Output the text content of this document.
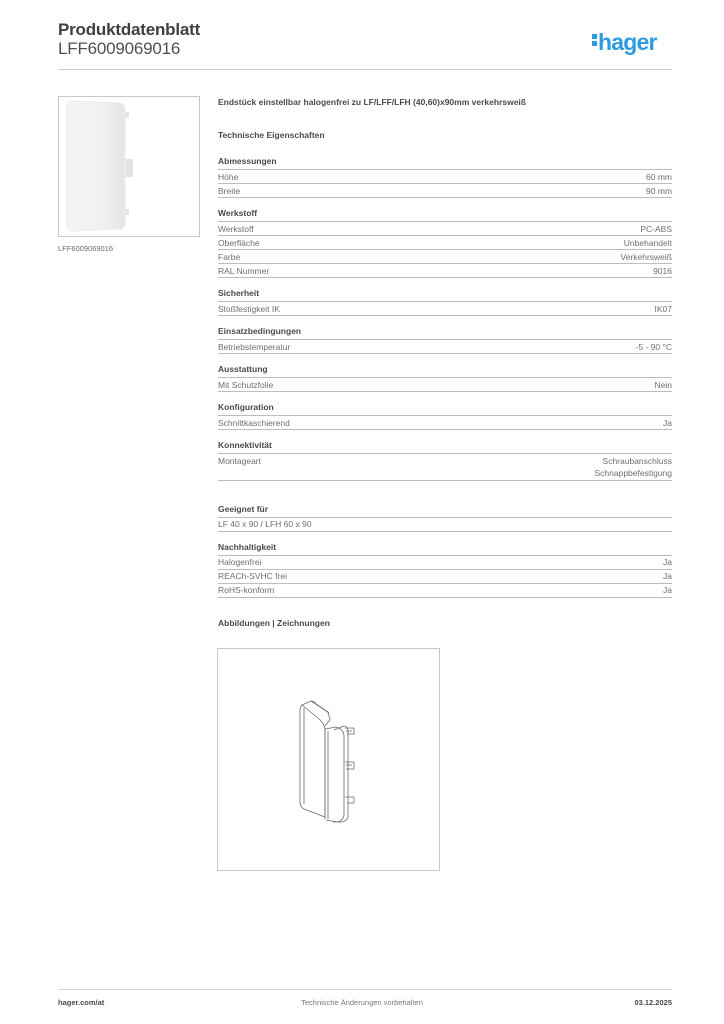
Produktdatenblatt
LFF6009069016	hager
LFF6009069016
Endstück einstellbar halogenfrei zu LF/LFF/LFH (40,60)x90mm verkehrsweiß
Technische Eigenschaften
Abmessungen
Höhe	60 mm
Breite	90 mm
Werkstoff
Werkstoff	PC-ABS
Oberfläche	Unbehandelt
Farbe	Verkehrsweiß
RAL Nummer	9016
Sicherheit
Stoßfestigkeit IK	IK07
Einsatzbedingungen
Betriebstemperatur	-5 - 90 °C
Ausstattung
Mit Schutzfolie	Nein
Konfiguration
Schnittkaschierend	Ja
Konnektivität
Montageart	Schraubanschluss
Schnappbefestigung
Geeignet für
LF 40 x 90 / LFH 60 x 90
Nachhaltigkeit
Halogenfrei	Ja
REACh-SVHC frei	Ja
RoHS-konform	Ja
Abbildungen | Zeichnungen
hager.com/at	Technische Änderungen vorbehalten	03.12.2025
